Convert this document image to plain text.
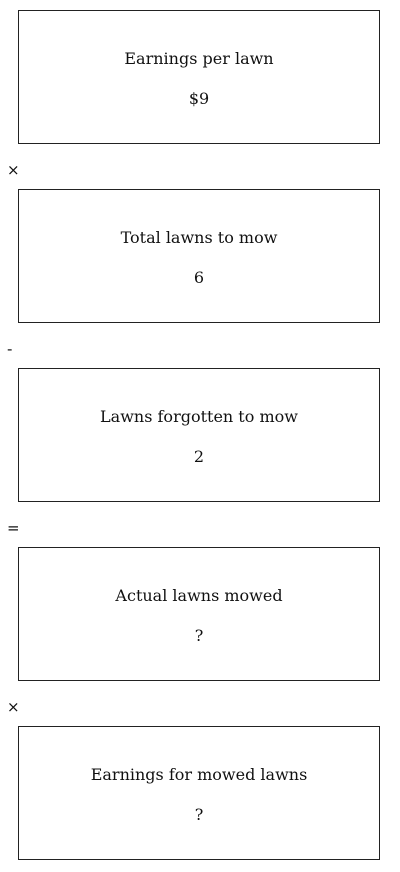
Earnings per lawn
$9
×
Total lawns to mow
6
-
Lawns forgotten to mow
2
=
Actual lawns mowed
?
×
Earnings for mowed lawns
?
